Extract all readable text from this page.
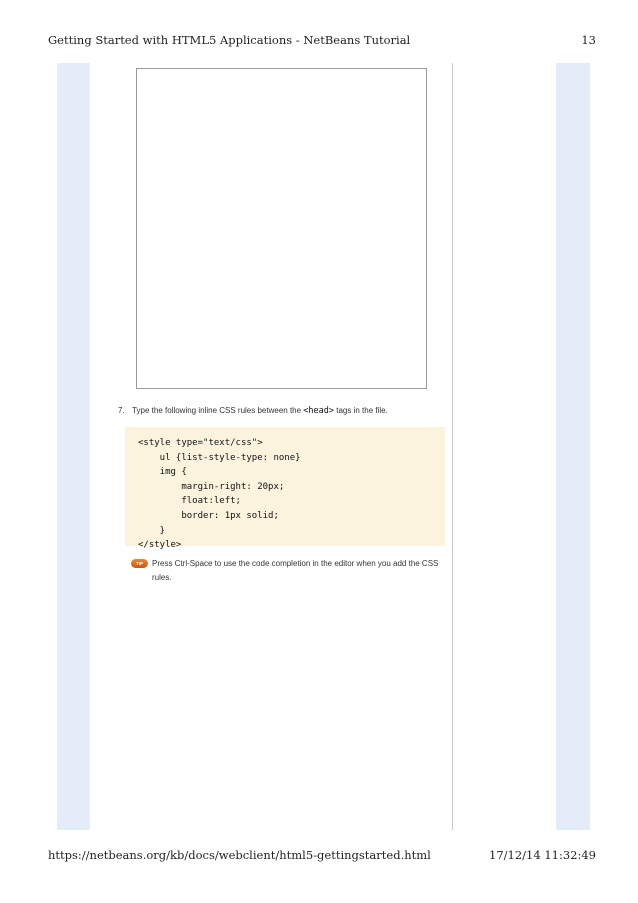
Getting Started with HTML5 Applications - NetBeans Tutorial	13
7. Type the following inline CSS rules between the <head> tags in the file.
<style type="text/css">
ul {list-style-type: none}
img {
margin-right: 20px;
float:left;
border: 1px solid;
}
</style>
TIP Press Ctrl-Space to use the code completion in the editor when you add the CSS
rules.
https://netbeans.org/kb/docs/webclient/html5-gettingstarted.html	17/12/14 11:32:49
